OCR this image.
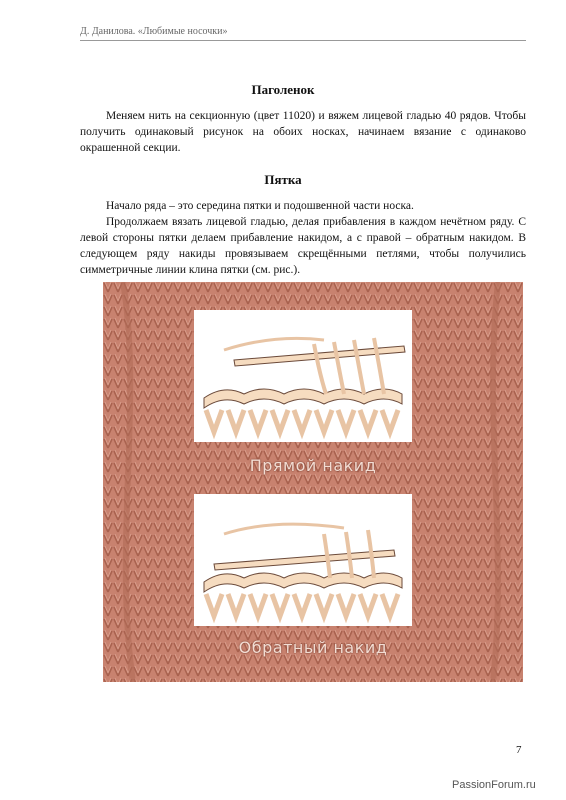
Д. Данилова. «Любимые носочки»
Паголенок

Меняем нить на секционную (цвет 11020) и вяжем лицевой гладью 40 рядов. Чтобы получить одинаковый рисунок на обоих носках, начинаем вязание с одинаково окрашенной секции.

Пятка

Начало ряда – это середина пятки и подошвенной части носка.

Продолжаем вязать лицевой гладью, делая прибавления в каждом нечётном ряду. С левой стороны пятки делаем прибавление накидом, а с правой – обратным накидом. В следующем ряду накиды провязываем скрещёнными петлями, чтобы получились симметричные линии клина пятки (см. рис.).

Прямой накид
Обратный накид
7
PassionForum.ru
